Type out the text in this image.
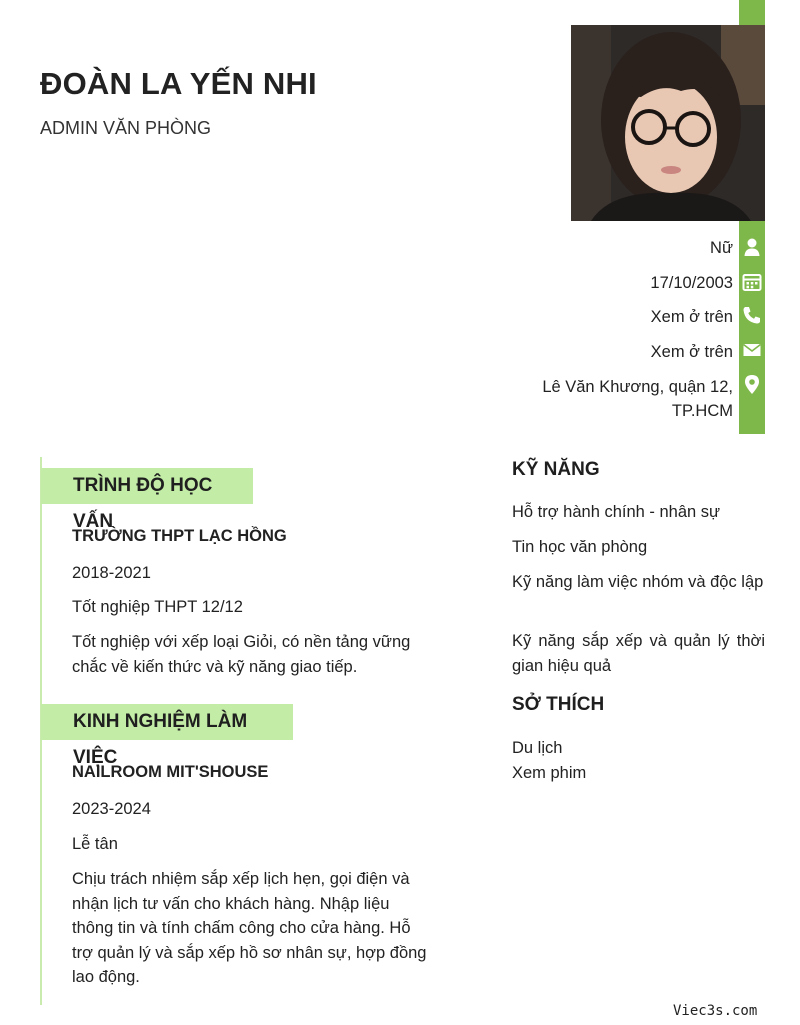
ĐOÀN LA YẾN NHI
ADMIN VĂN PHÒNG
Nữ
17/10/2003
Xem ở trên
Xem ở trên
Lê Văn Khương, quận 12,
TP.HCM
TRÌNH ĐỘ HỌC VẤN
TRƯỜNG THPT LẠC HỒNG
2018-2021
Tốt nghiệp THPT 12/12
Tốt nghiệp với xếp loại Giỏi, có nền tảng vững chắc về kiến thức và kỹ năng giao tiếp.
KINH NGHIỆM LÀM VIỆC
NAILROOM MIT'SHOUSE
2023-2024
Lễ tân
Chịu trách nhiệm sắp xếp lịch hẹn, gọi điện và nhận lịch tư vấn cho khách hàng. Nhập liệu thông tin và tính chấm công cho cửa hàng. Hỗ trợ quản lý và sắp xếp hồ sơ nhân sự, hợp đồng lao động.
KỸ NĂNG
Hỗ trợ hành chính - nhân sự
Tin học văn phòng
Kỹ năng làm việc nhóm và độc lập
Kỹ năng sắp xếp và quản lý thời gian hiệu quả
SỞ THÍCH
Du lịch
Xem phim
Viec3s.com
